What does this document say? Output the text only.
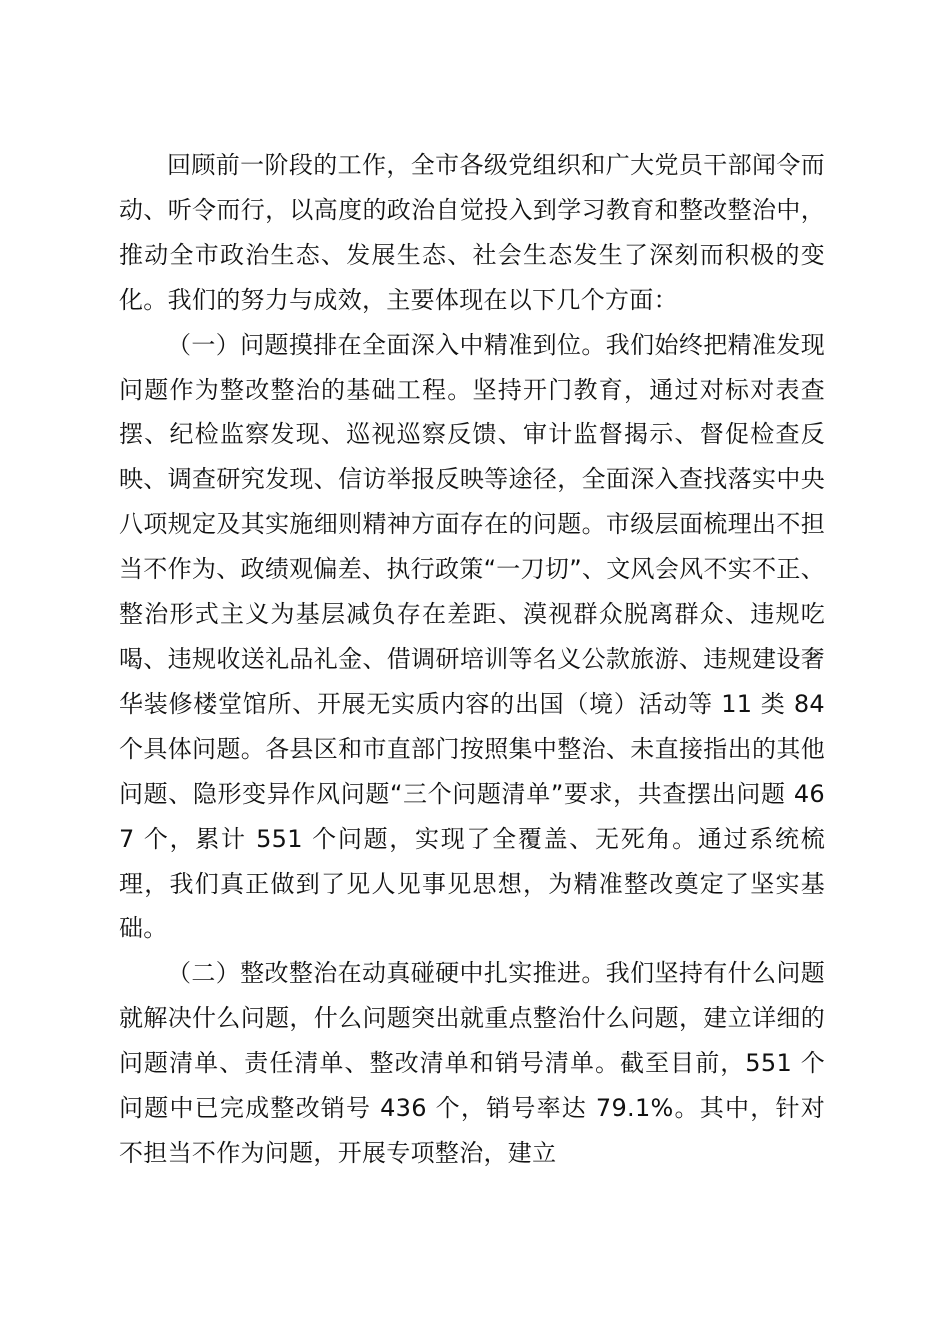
回顾前一阶段的工作，全市各级党组织和广大党员干部闻令而动、听令而行，以高度的政治自觉投入到学习教育和整改整治中，推动全市政治生态、发展生态、社会生态发生了深刻而积极的变化。我们的努力与成效，主要体现在以下几个方面：

（一）问题摸排在全面深入中精准到位。我们始终把精准发现问题作为整改整治的基础工程。坚持开门教育，通过对标对表查摆、纪检监察发现、巡视巡察反馈、审计监督揭示、督促检查反映、调查研究发现、信访举报反映等途径，全面深入查找落实中央八项规定及其实施细则精神方面存在的问题。市级层面梳理出不担当不作为、政绩观偏差、执行政策“一刀切”、文风会风不实不正、整治形式主义为基层减负存在差距、漠视群众脱离群众、违规吃喝、违规收送礼品礼金、借调研培训等名义公款旅游、违规建设奢华装修楼堂馆所、开展无实质内容的出国（境）活动等 11 类 84 个具体问题。各县区和市直部门按照集中整治、未直接指出的其他问题、隐形变异作风问题“三个问题清单”要求，共查摆出问题 467 个，累计 551 个问题，实现了全覆盖、无死角。通过系统梳理，我们真正做到了见人见事见思想，为精准整改奠定了坚实基础。

（二）整改整治在动真碰硬中扎实推进。我们坚持有什么问题就解决什么问题，什么问题突出就重点整治什么问题，建立详细的问题清单、责任清单、整改清单和销号清单。截至目前，551 个问题中已完成整改销号 436 个，销号率达 79.1%。其中，针对不担当不作为问题，开展专项整治，建立
